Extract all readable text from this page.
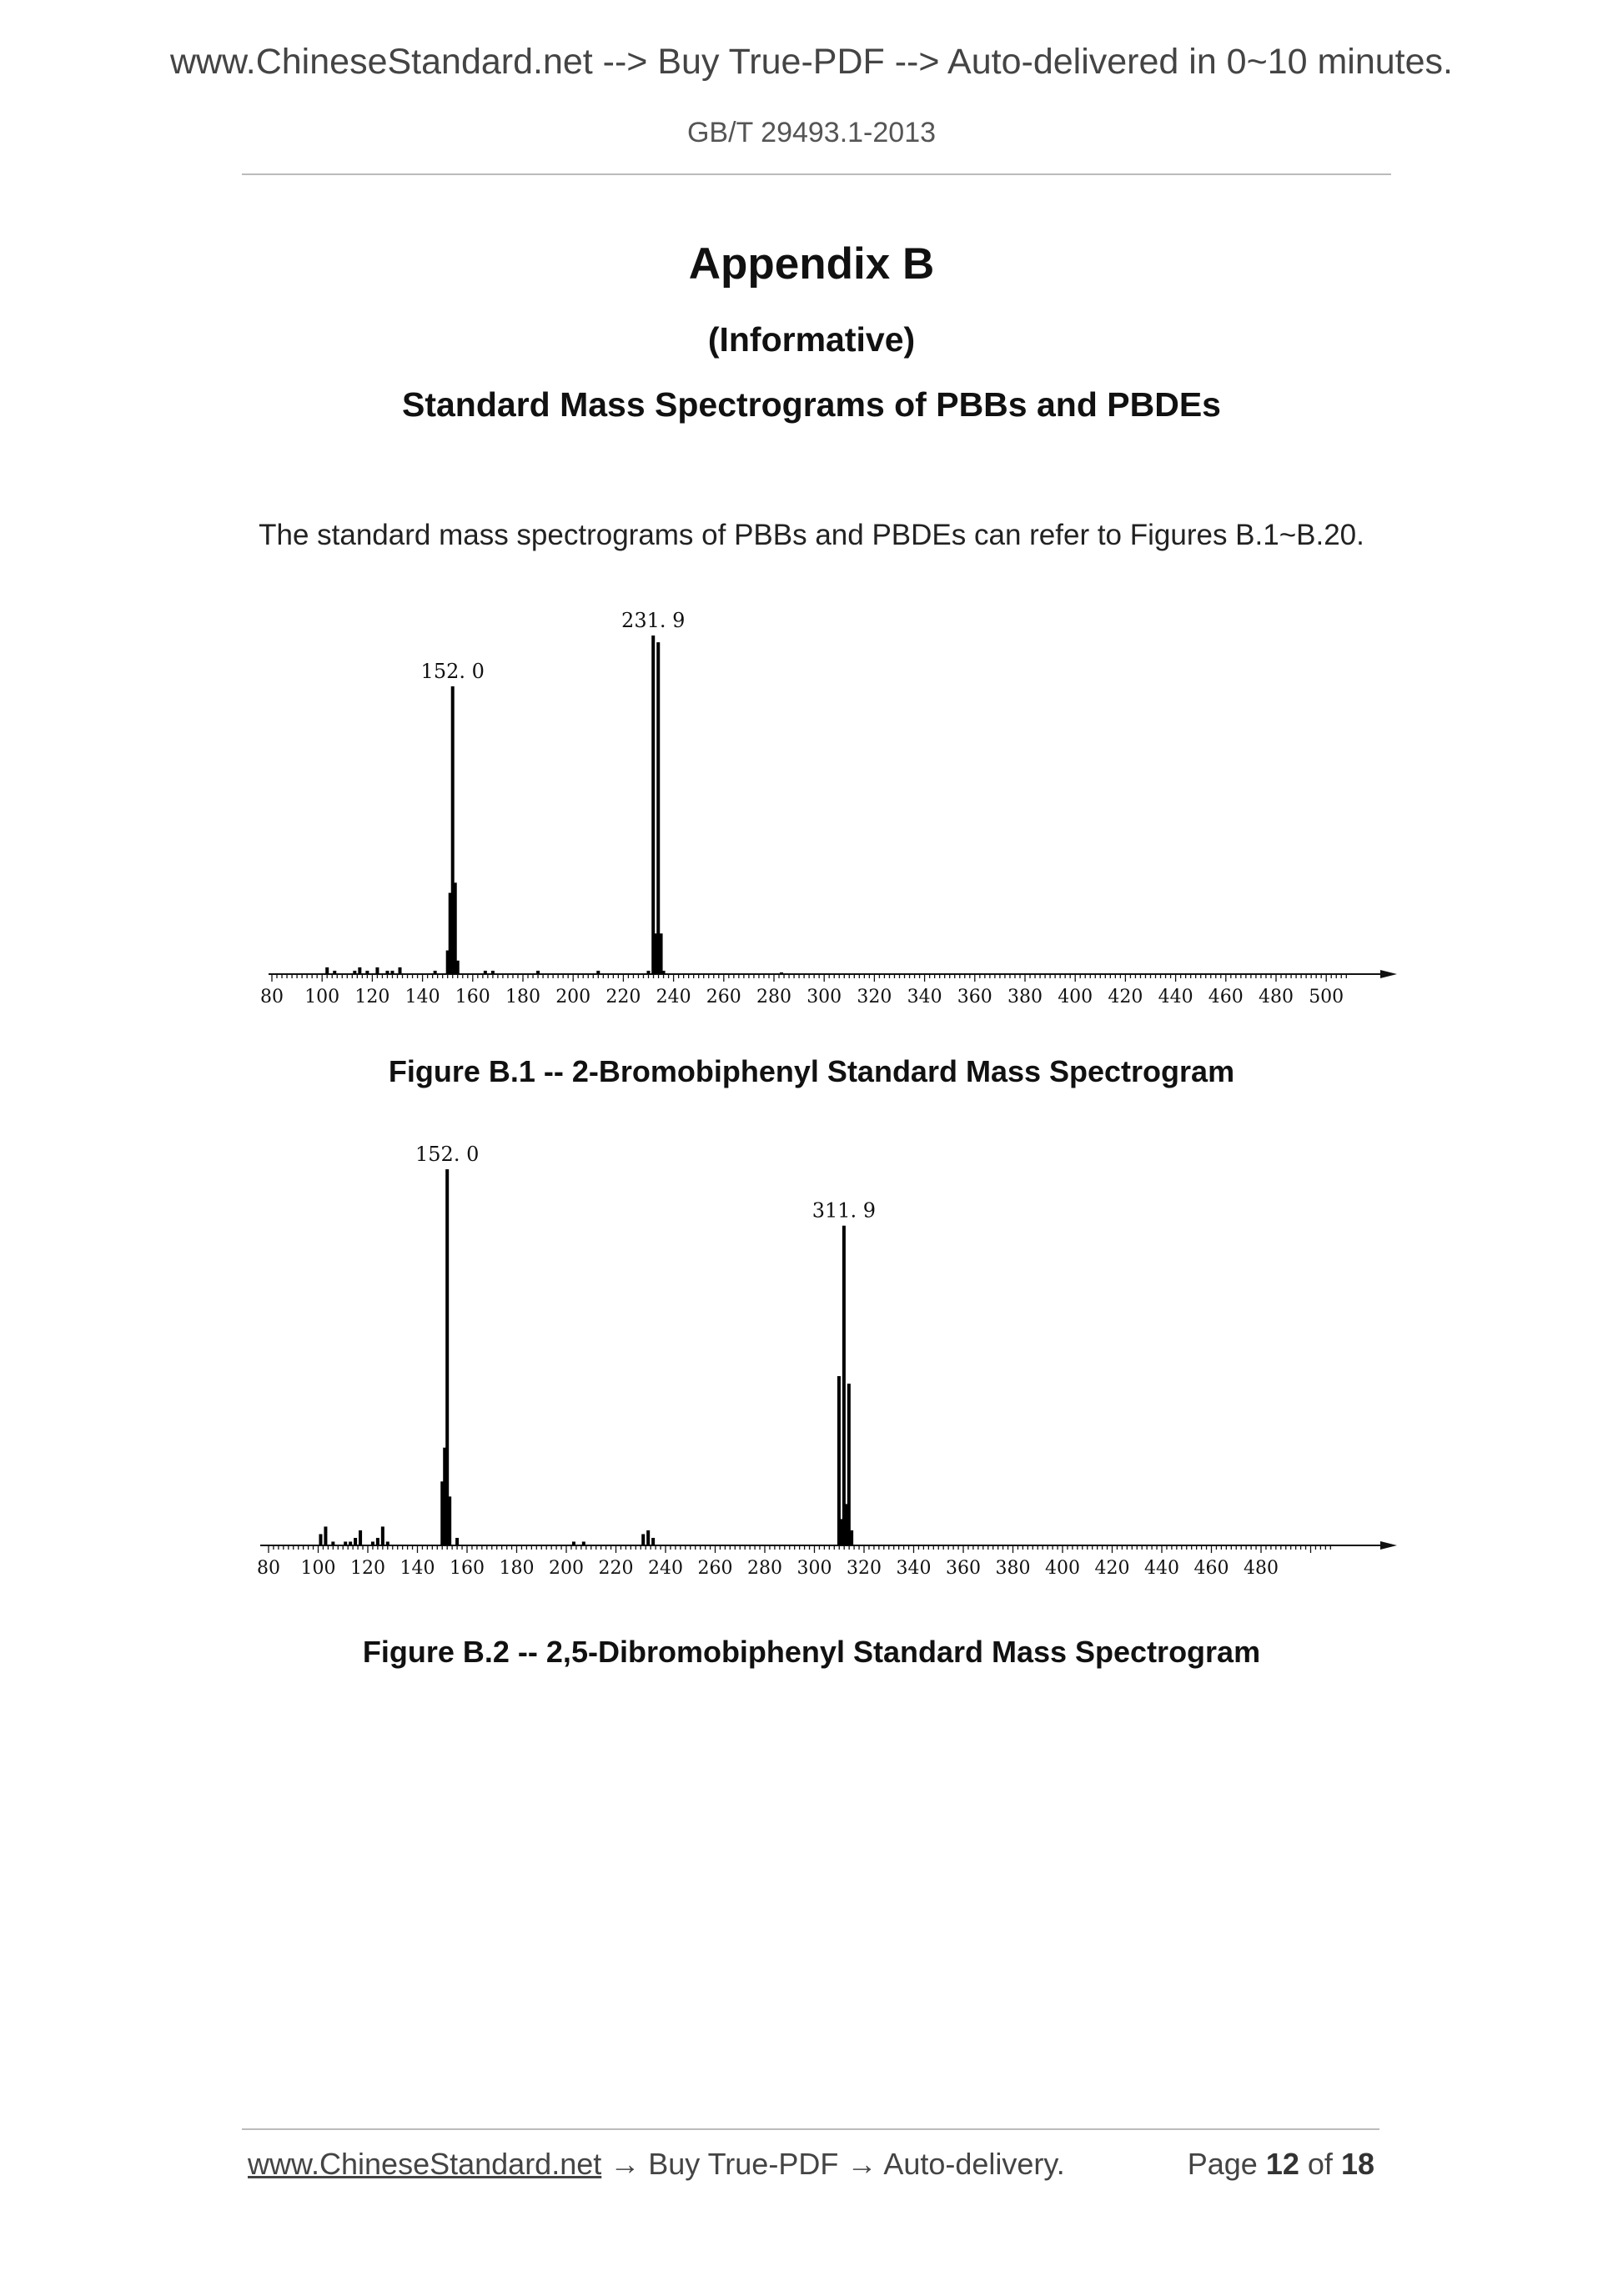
www.ChineseStandard.net --> Buy True-PDF --> Auto-delivered in 0~10 minutes.
GB/T 29493.1-2013
Appendix B
(Informative)
Standard Mass Spectrograms of PBBs and PBDEs
The standard mass spectrograms of PBBs and PBDEs can refer to Figures B.1~B.20.
80 100 120 140 160 180 200 220 240 260 280 300 320 340 360 380 400 420 440 460 480 500
152. 0
231. 9
Figure B.1 -- 2-Bromobiphenyl Standard Mass Spectrogram
80 100 120 140 160 180 200 220 240 260 280 300 320 340 360 380 400 420 440 460 480
152. 0
311. 9
Figure B.2 -- 2,5-Dibromobiphenyl Standard Mass Spectrogram
www.ChineseStandard.net → Buy True-PDF → Auto-delivery.	Page 12 of 18
